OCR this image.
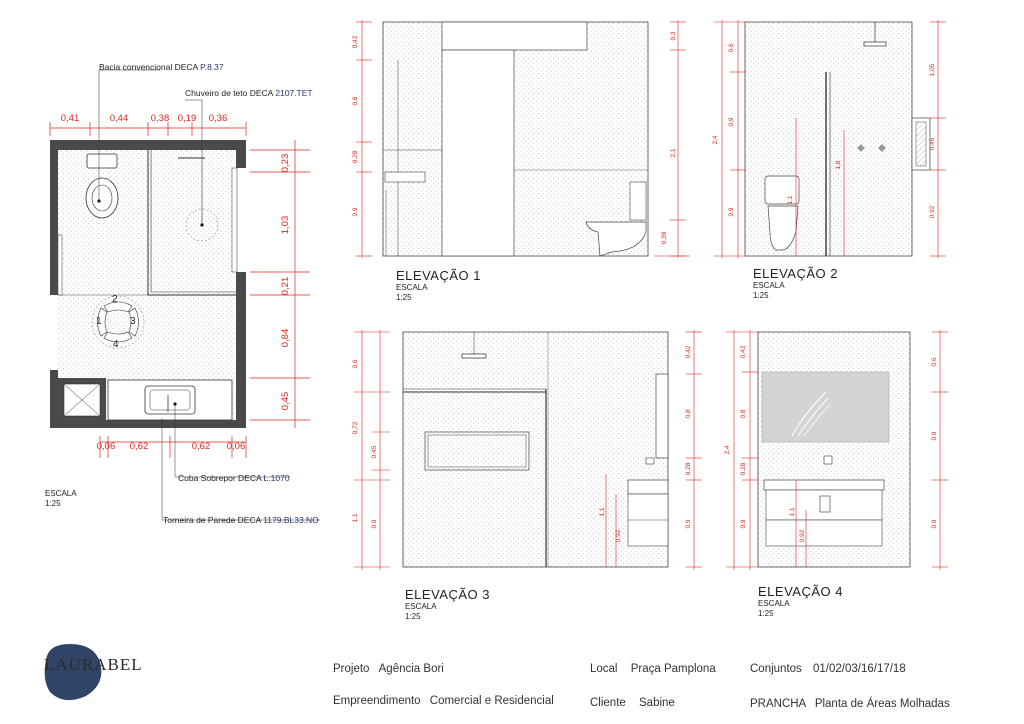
0,41	0,44 0,38 0,19 0,36
0,06 0,62	0,62 0,06
0,23
1,03
0,21
0,84
0,45
1
2
3
4
0,42
0,8
0,28
0,9
0,3
2,1
0,39
0,6
2,4
0,9
0,9
1,05
0,45
0,92
1,8
1,1
0,6
0,72
0,45
1,1
0,9
0,42
0,8
0,28
0,9
1,1
0,92
0,42
0,8
2,4
0,28
0,9
0,6
0,9
0,9
1,1
0,92
Bacia convencional DECA P.8.37
Chuveiro de teto DECA 2107.TET
Cuba Sobrepor DECA L.1070
Torneira de Parede DECA 1179.BL33.NO
ESCALA
1:25
ELEVAÇÃO 1
ESCALA
1:25
ELEVAÇÃO 2
ESCALA
1:25
ELEVAÇÃO 3
ESCALA
1:25
ELEVAÇÃO 4
ESCALA
1:25
LAURABEL	Projeto Agência Bori
Empreendimento Comercial e Residencial
Local Praça Pamplona
Cliente Sabine
Conjuntos 01/02/03/16/17/18
PRANCHA Planta de Áreas Molhadas
